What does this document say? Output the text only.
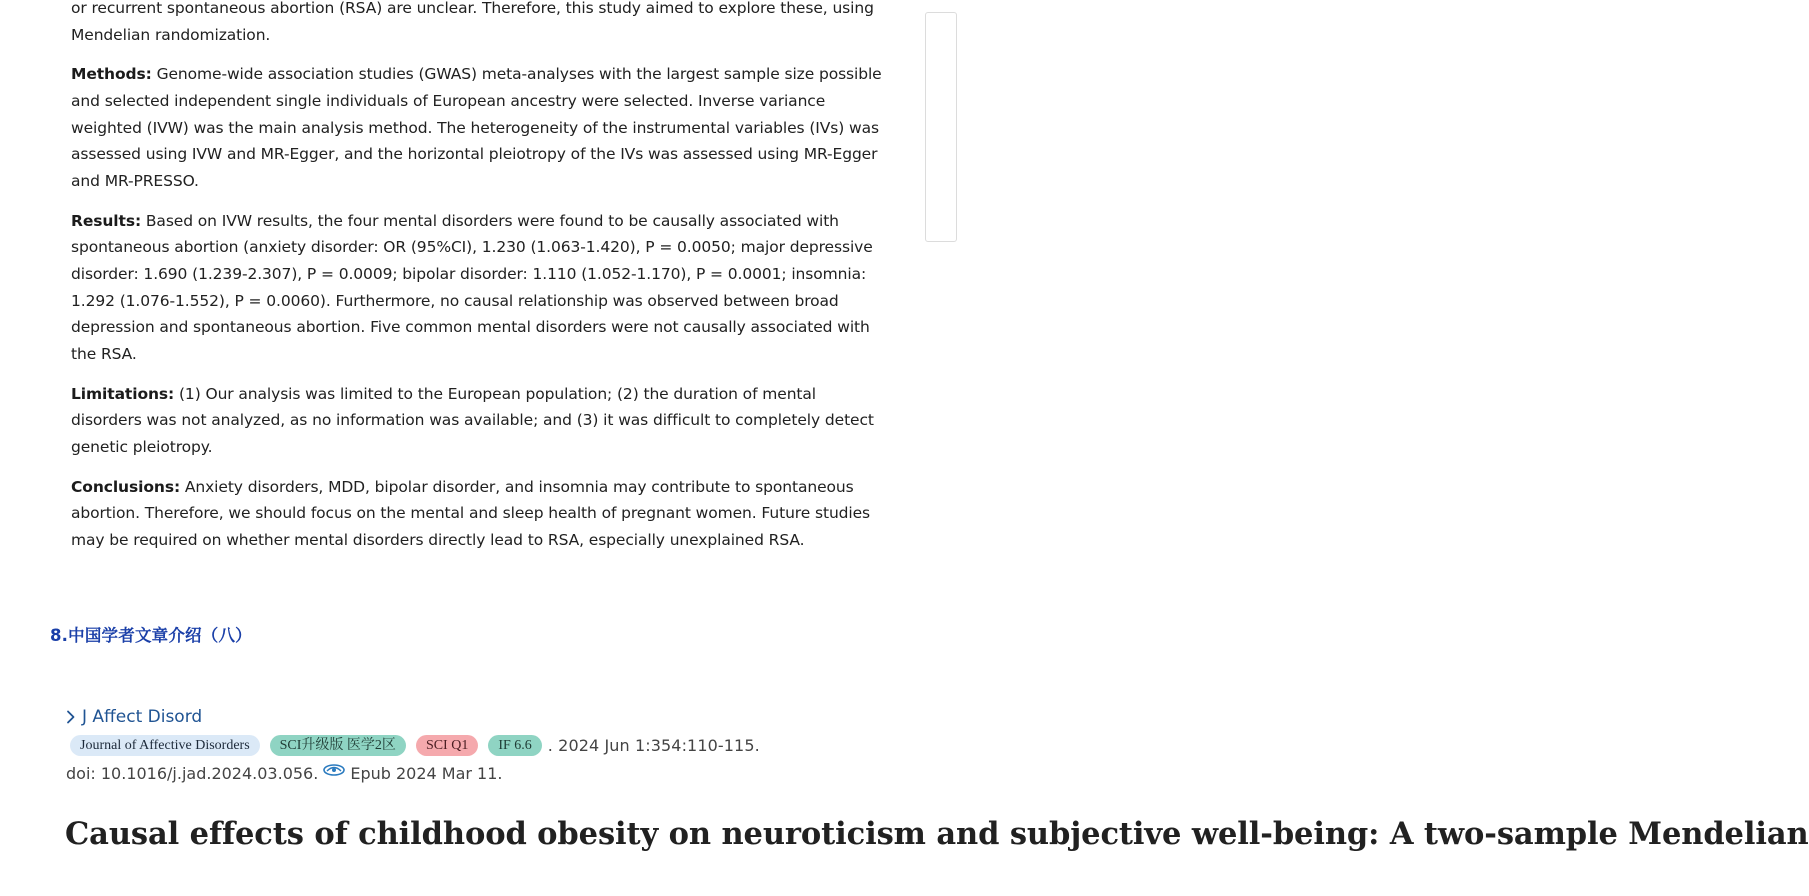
or recurrent spontaneous abortion (RSA) are unclear. Therefore, this study aimed to explore these, using Mendelian randomization.

Methods: Genome-wide association studies (GWAS) meta-analyses with the largest sample size possible and selected independent single individuals of European ancestry were selected. Inverse variance weighted (IVW) was the main analysis method. The heterogeneity of the instrumental variables (IVs) was assessed using IVW and MR-Egger, and the horizontal pleiotropy of the IVs was assessed using MR-Egger and MR-PRESSO.

Results: Based on IVW results, the four mental disorders were found to be causally associated with spontaneous abortion (anxiety disorder: OR (95%CI), 1.230 (1.063-1.420), P = 0.0050; major depressive disorder: 1.690 (1.239-2.307), P = 0.0009; bipolar disorder: 1.110 (1.052-1.170), P = 0.0001; insomnia: 1.292 (1.076-1.552), P = 0.0060). Furthermore, no causal relationship was observed between broad depression and spontaneous abortion. Five common mental disorders were not causally associated with the RSA.

Limitations: (1) Our analysis was limited to the European population; (2) the duration of mental disorders was not analyzed, as no information was available; and (3) it was difficult to completely detect genetic pleiotropy.

Conclusions: Anxiety disorders, MDD, bipolar disorder, and insomnia may contribute to spontaneous abortion. Therefore, we should focus on the mental and sleep health of pregnant women. Future studies may be required on whether mental disorders directly lead to RSA, especially unexplained RSA.

8.中国学者文章介绍（八）
J Affect Disord
Journal of Affective Disorders	SCI升级版 医学2区	SCI Q1	IF 6.6	. 2024 Jun 1:354:110-115.
doi: 10.1016/j.jad.2024.03.056. Epub 2024 Mar 11.
Causal effects of childhood obesity on neuroticism and subjective well-being: A two-sample Mendelian
